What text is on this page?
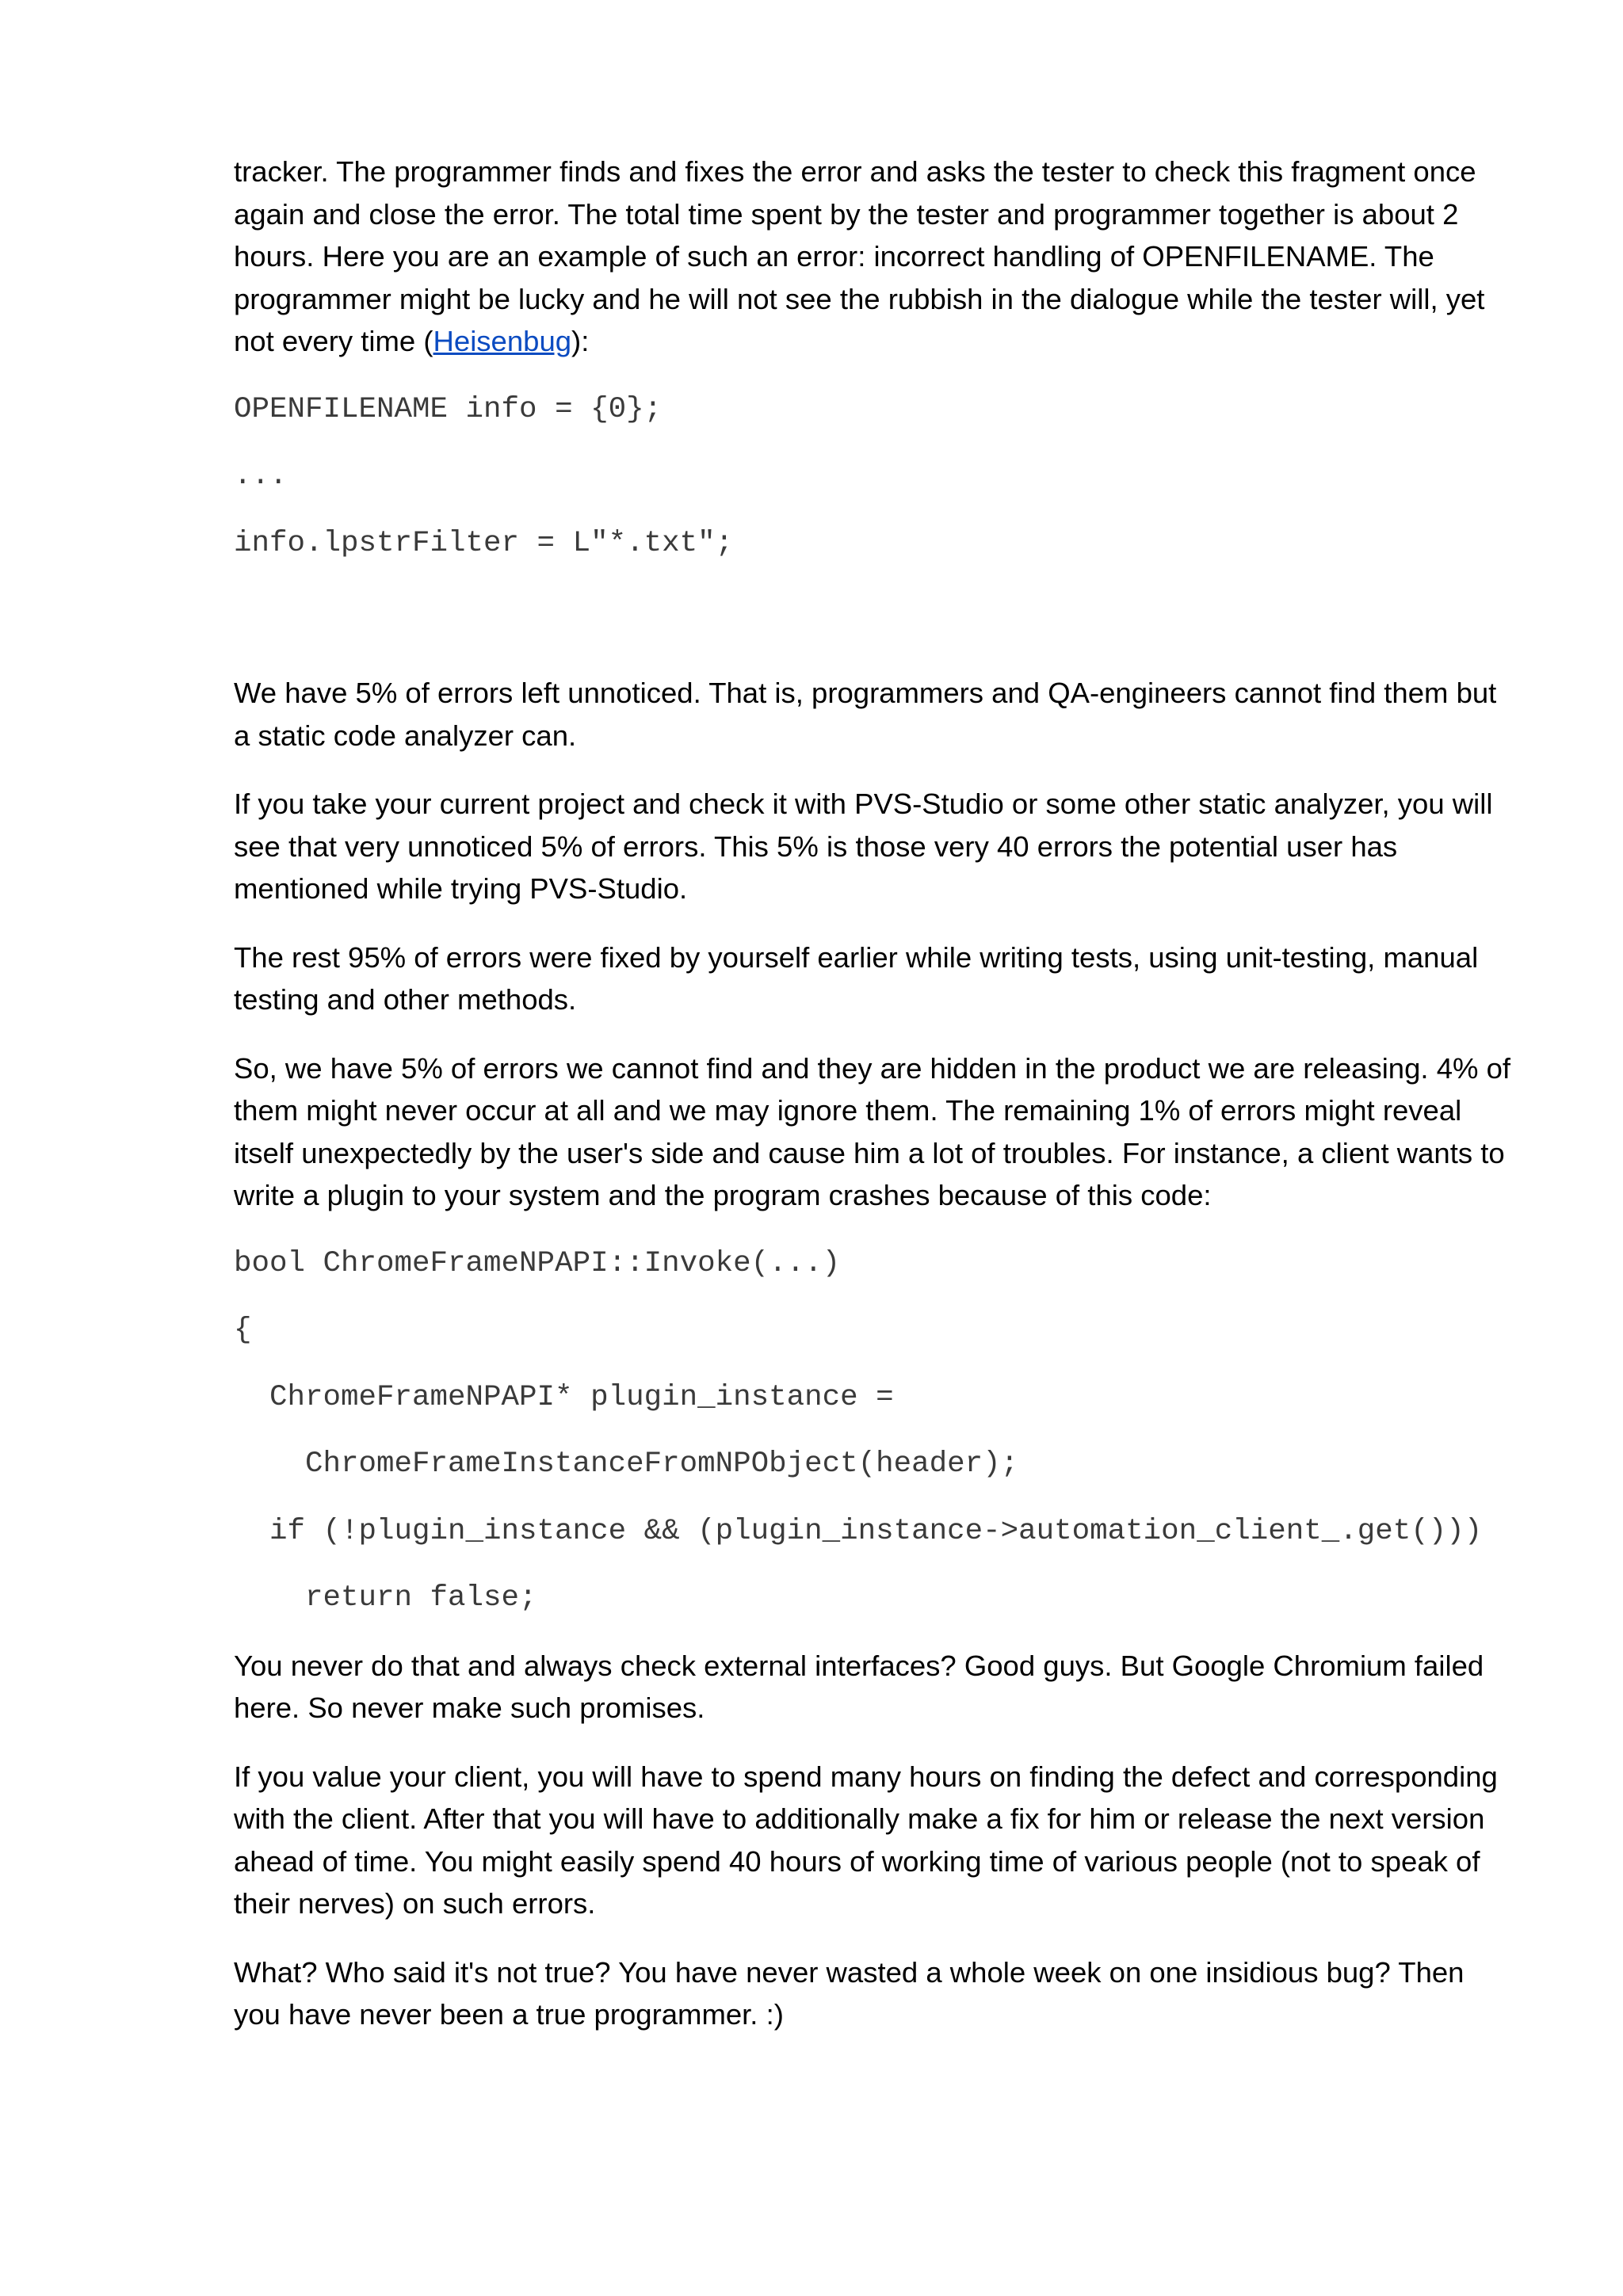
tracker. The programmer finds and fixes the error and asks the tester to check this fragment once again and close the error. The total time spent by the tester and programmer together is about 2 hours. Here you are an example of such an error: incorrect handling of OPENFILENAME. The programmer might be lucky and he will not see the rubbish in the dialogue while the tester will, yet not every time (Heisenbug):

OPENFILENAME info = {0};
...
info.lpstrFilter = L"*.txt";

We have 5% of errors left unnoticed. That is, programmers and QA-engineers cannot find them but a static code analyzer can.

If you take your current project and check it with PVS-Studio or some other static analyzer, you will see that very unnoticed 5% of errors. This 5% is those very 40 errors the potential user has mentioned while trying PVS-Studio.

The rest 95% of errors were fixed by yourself earlier while writing tests, using unit-testing, manual testing and other methods.

So, we have 5% of errors we cannot find and they are hidden in the product we are releasing. 4% of them might never occur at all and we may ignore them. The remaining 1% of errors might reveal itself unexpectedly by the user's side and cause him a lot of troubles. For instance, a client wants to write a plugin to your system and the program crashes because of this code:

bool ChromeFrameNPAPI::Invoke(...)
{
ChromeFrameNPAPI* plugin_instance =
ChromeFrameInstanceFromNPObject(header);
if (!plugin_instance && (plugin_instance->automation_client_.get()))
return false;

You never do that and always check external interfaces? Good guys. But Google Chromium failed here. So never make such promises.

If you value your client, you will have to spend many hours on finding the defect and corresponding with the client. After that you will have to additionally make a fix for him or release the next version ahead of time. You might easily spend 40 hours of working time of various people (not to speak of their nerves) on such errors.

What? Who said it's not true? You have never wasted a whole week on one insidious bug? Then you have never been a true programmer. :)
